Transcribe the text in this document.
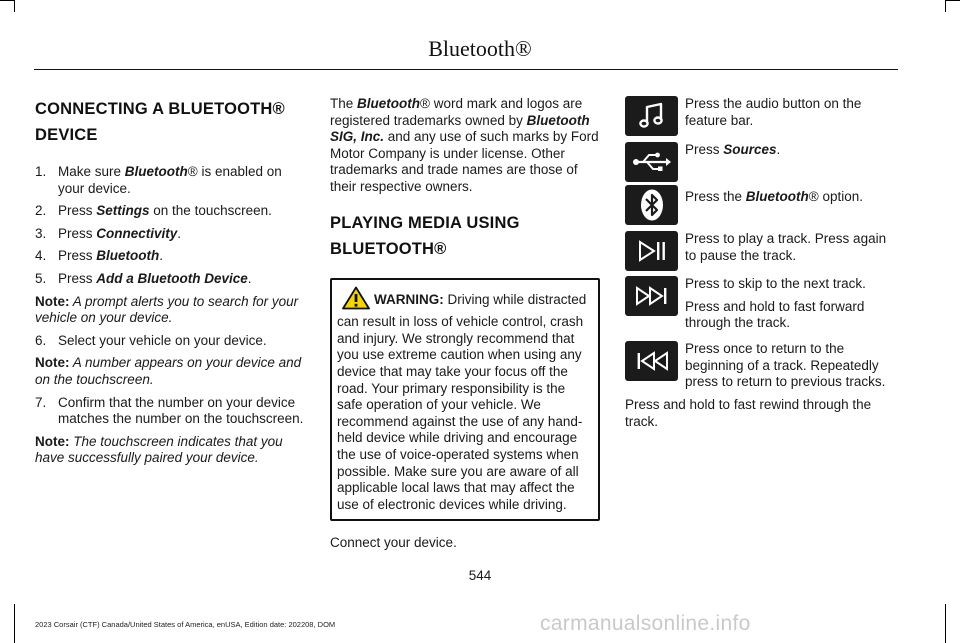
Bluetooth®
CONNECTING A BLUETOOTH®
DEVICE
1. Make sure Bluetooth® is enabled on your device.
2. Press Settings on the touchscreen.
3. Press Connectivity.
4. Press Bluetooth.
5. Press Add a Bluetooth Device.

Note: A prompt alerts you to search for your vehicle on your device.

6. Select your vehicle on your device.

Note: A number appears on your device and on the touchscreen.

7. Confirm that the number on your device matches the number on the touchscreen.

Note: The touchscreen indicates that you have successfully paired your device.

The Bluetooth® word mark and logos are registered trademarks owned by Bluetooth SIG, Inc. and any use of such marks by Ford Motor Company is under license. Other trademarks and trade names are those of their respective owners.

PLAYING MEDIA USING
BLUETOOTH®
WARNING: Driving while distracted can result in loss of vehicle control, crash and injury. We strongly recommend that you use extreme caution when using any device that may take your focus off the road. Your primary responsibility is the safe operation of your vehicle. We recommend against the use of any hand-held device while driving and encourage the use of voice-operated systems when possible. Make sure you are aware of all applicable local laws that may affect the use of electronic devices while driving.

Connect your device.

Press the audio button on the feature bar.

Press Sources.

Press the Bluetooth® option.

Press to play a track. Press again to pause the track.

Press to skip to the next track.

Press and hold to fast forward through the track.

Press once to return to the beginning of a track. Repeatedly press to return to previous tracks.

Press and hold to fast rewind through the track.

544
2023 Corsair (CTF) Canada/United States of America, enUSA, Edition date: 202208, DOM	carmanualsonline.info
